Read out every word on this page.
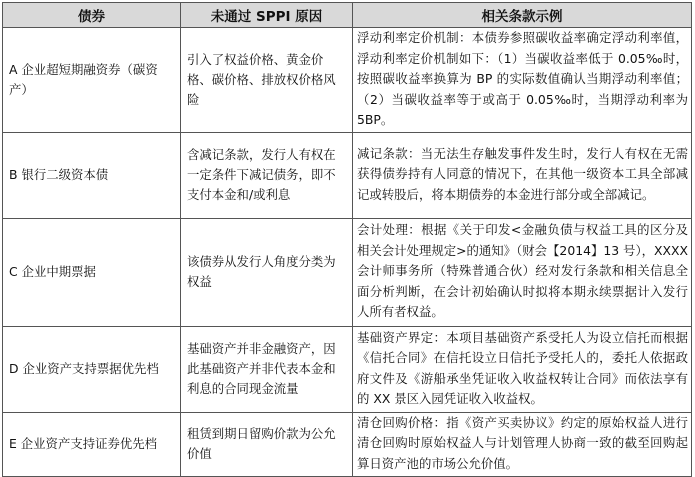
债券	未通过 SPPI 原因	相关条款示例
A 企业超短期融资券（碳资产）	引入了权益价格、黄金价格、碳价格、排放权价格风险	浮动利率定价机制：本债券参照碳收益率确定浮动利率值，浮动利率定价机制如下：（1）当碳收益率低于 0.05‰时，按照碳收益率换算为 BP 的实际数值确认当期浮动利率值；（2）当碳收益率等于或高于 0.05‰时，当期浮动利率为 5BP。
B 银行二级资本债	含减记条款，发行人有权在一定条件下减记债务，即不支付本金和/或利息	减记条款：当无法生存触发事件发生时，发行人有权在无需获得债券持有人同意的情况下，在其他一级资本工具全部减记或转股后，将本期债券的本金进行部分或全部减记。
C 企业中期票据	该债券从发行人角度分类为权益	会计处理：根据《关于印发<金融负债与权益工具的区分及相关会计处理规定>的通知》（财会【2014】13 号），XXXX 会计师事务所（特殊普通合伙）经对发行条款和相关信息全面分析判断，在会计初始确认时拟将本期永续票据计入发行人所有者权益。
D 企业资产支持票据优先档	基础资产并非金融资产，因此基础资产并非代表本金和利息的合同现金流量	基础资产界定：本项目基础资产系受托人为设立信托而根据《信托合同》在信托设立日信托予受托人的，委托人依据政府文件及《游船承坐凭证收入收益权转让合同》而依法享有的 XX 景区入园凭证收入收益权。
E 企业资产支持证券优先档	租赁到期日留购价款为公允价值	清仓回购价格：指《资产买卖协议》约定的原始权益人进行清仓回购时原始权益人与计划管理人协商一致的截至回购起算日资产池的市场公允价值。
